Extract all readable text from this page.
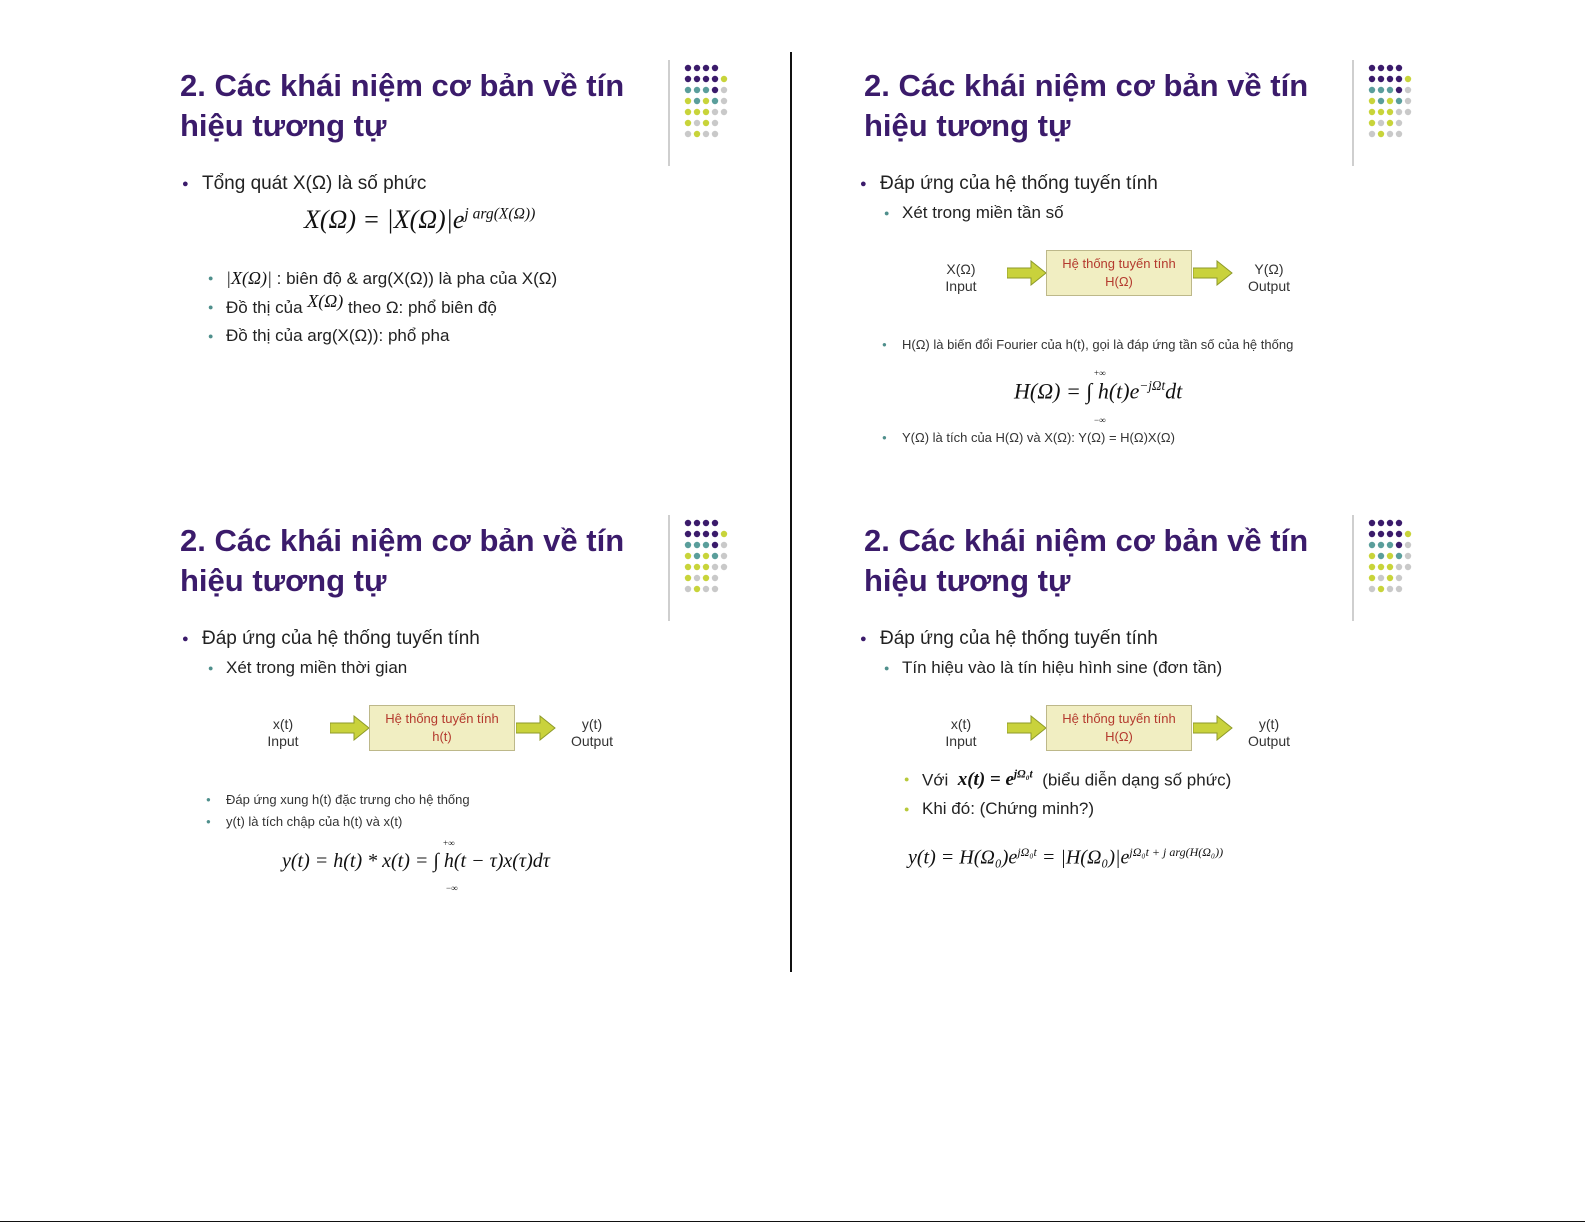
2. Các khái niệm cơ bản về tín
hiệu tương tự
● Tổng quát X(Ω) là số phức
$X(\Omega) = |X(\Omega)|e^{j arg(X(\Omega))}$
● |X(Ω)| : biên độ & arg(X(Ω)) là pha của X(Ω)
● Đồ thị của X(Ω) theo Ω: phổ biên độ
● Đồ thị của arg(X(Ω)): phổ pha
2. Các khái niệm cơ bản về tín
hiệu tương tự
● Đáp ứng của hệ thống tuyến tính
● Xét trong miền tần số
X(Ω)
Input
Hệ thống tuyến tính
H(Ω)
Y(Ω)
Output
● H(Ω) là biến đổi Fourier của h(t), gọi là đáp ứng tần số của hệ thống
+∞
H(Ω) = ∫ $h(t)e^{-j\Omega t}dt$
−∞
● Y(Ω) là tích của H(Ω) và X(Ω): Y(Ω) = H(Ω)X(Ω)
2. Các khái niệm cơ bản về tín
hiệu tương tự
● Đáp ứng của hệ thống tuyến tính
● Xét trong miền thời gian
x(t)
Input
Hệ thống tuyến tính
h(t)
y(t)
Output
● Đáp ứng xung h(t) đặc trưng cho hệ thống
● y(t) là tích chập của h(t) và x(t)
+∞
y(t) = h(t) * x(t) = ∫ h(t − τ)x(τ)dτ
−∞
2. Các khái niệm cơ bản về tín
hiệu tương tự
● Đáp ứng của hệ thống tuyến tính
● Tín hiệu vào là tín hiệu hình sine (đơn tần)
x(t)
Input
Hệ thống tuyến tính
H(Ω)
y(t)
Output
● Với $x(t) = e^{j\Omega_0t}$ (biểu diễn dạng số phức)
● Khi đó: (Chứng minh?)
$y(t) = H(\Omega_0)e^{j\Omega_0t} = |H(\Omega_0)|e^{j\Omega_0t + j arg(H(\Omega_0))}$
